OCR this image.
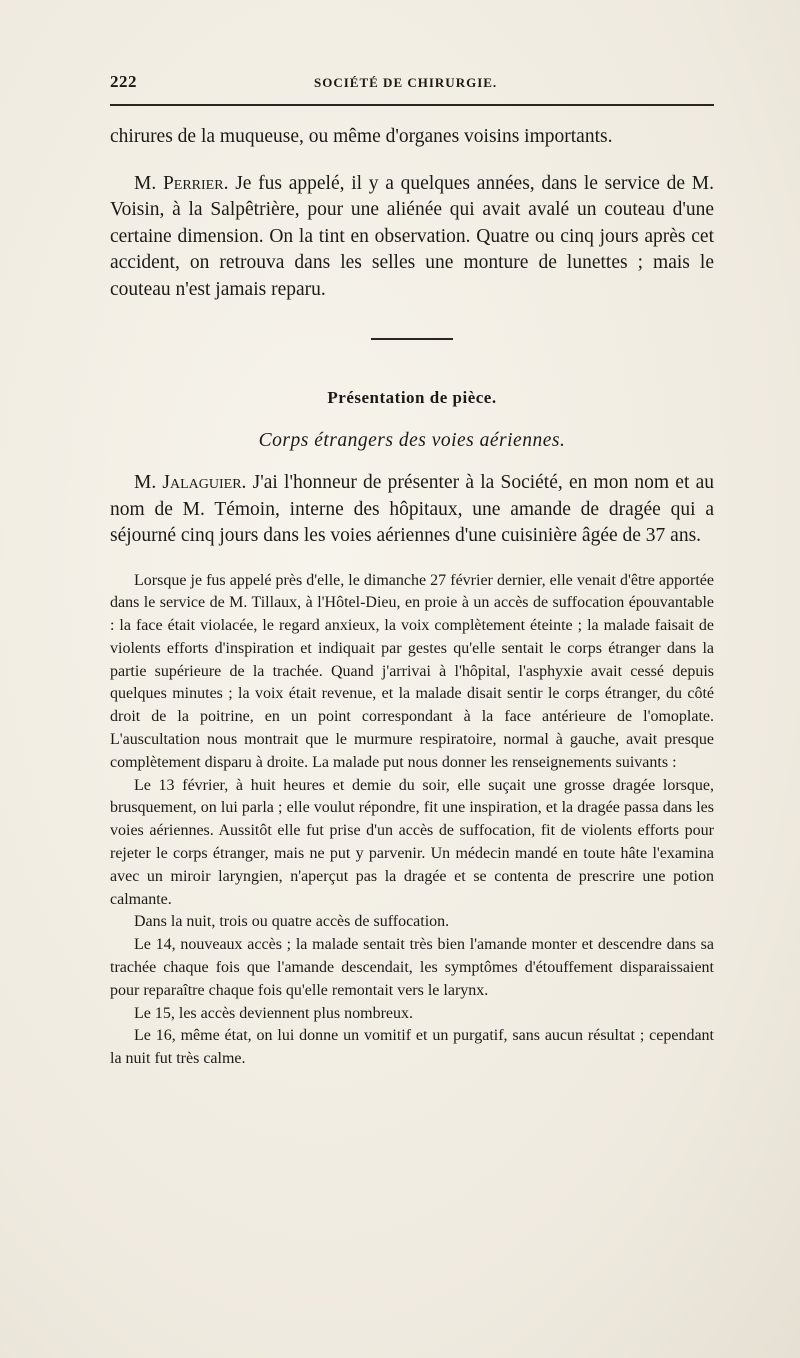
222	SOCIÉTÉ DE CHIRURGIE.

chirures de la muqueuse, ou même d'organes voisins importants.

M. Perrier. Je fus appelé, il y a quelques années, dans le service de M. Voisin, à la Salpêtrière, pour une aliénée qui avait avalé un couteau d'une certaine dimension. On la tint en observation. Quatre ou cinq jours après cet accident, on retrouva dans les selles une monture de lunettes ; mais le couteau n'est jamais reparu.

Présentation de pièce.
Corps étrangers des voies aériennes.

M. Jalaguier. J'ai l'honneur de présenter à la Société, en mon nom et au nom de M. Témoin, interne des hôpitaux, une amande de dragée qui a séjourné cinq jours dans les voies aériennes d'une cuisinière âgée de 37 ans.

Lorsque je fus appelé près d'elle, le dimanche 27 février dernier, elle venait d'être apportée dans le service de M. Tillaux, à l'Hôtel-Dieu, en proie à un accès de suffocation épouvantable : la face était violacée, le regard anxieux, la voix complètement éteinte ; la malade faisait de violents efforts d'inspiration et indiquait par gestes qu'elle sentait le corps étranger dans la partie supérieure de la trachée. Quand j'arrivai à l'hôpital, l'asphyxie avait cessé depuis quelques minutes ; la voix était revenue, et la malade disait sentir le corps étranger, du côté droit de la poitrine, en un point correspondant à la face antérieure de l'omoplate. L'auscultation nous montrait que le murmure respiratoire, normal à gauche, avait presque complètement disparu à droite. La malade put nous donner les renseignements suivants :

Le 13 février, à huit heures et demie du soir, elle suçait une grosse dragée lorsque, brusquement, on lui parla ; elle voulut répondre, fit une inspiration, et la dragée passa dans les voies aériennes. Aussitôt elle fut prise d'un accès de suffocation, fit de violents efforts pour rejeter le corps étranger, mais ne put y parvenir. Un médecin mandé en toute hâte l'examina avec un miroir laryngien, n'aperçut pas la dragée et se contenta de prescrire une potion calmante.

Dans la nuit, trois ou quatre accès de suffocation.

Le 14, nouveaux accès ; la malade sentait très bien l'amande monter et descendre dans sa trachée chaque fois que l'amande descendait, les symptômes d'étouffement disparaissaient pour reparaître chaque fois qu'elle remontait vers le larynx.

Le 15, les accès deviennent plus nombreux.

Le 16, même état, on lui donne un vomitif et un purgatif, sans aucun résultat ; cependant la nuit fut très calme.
